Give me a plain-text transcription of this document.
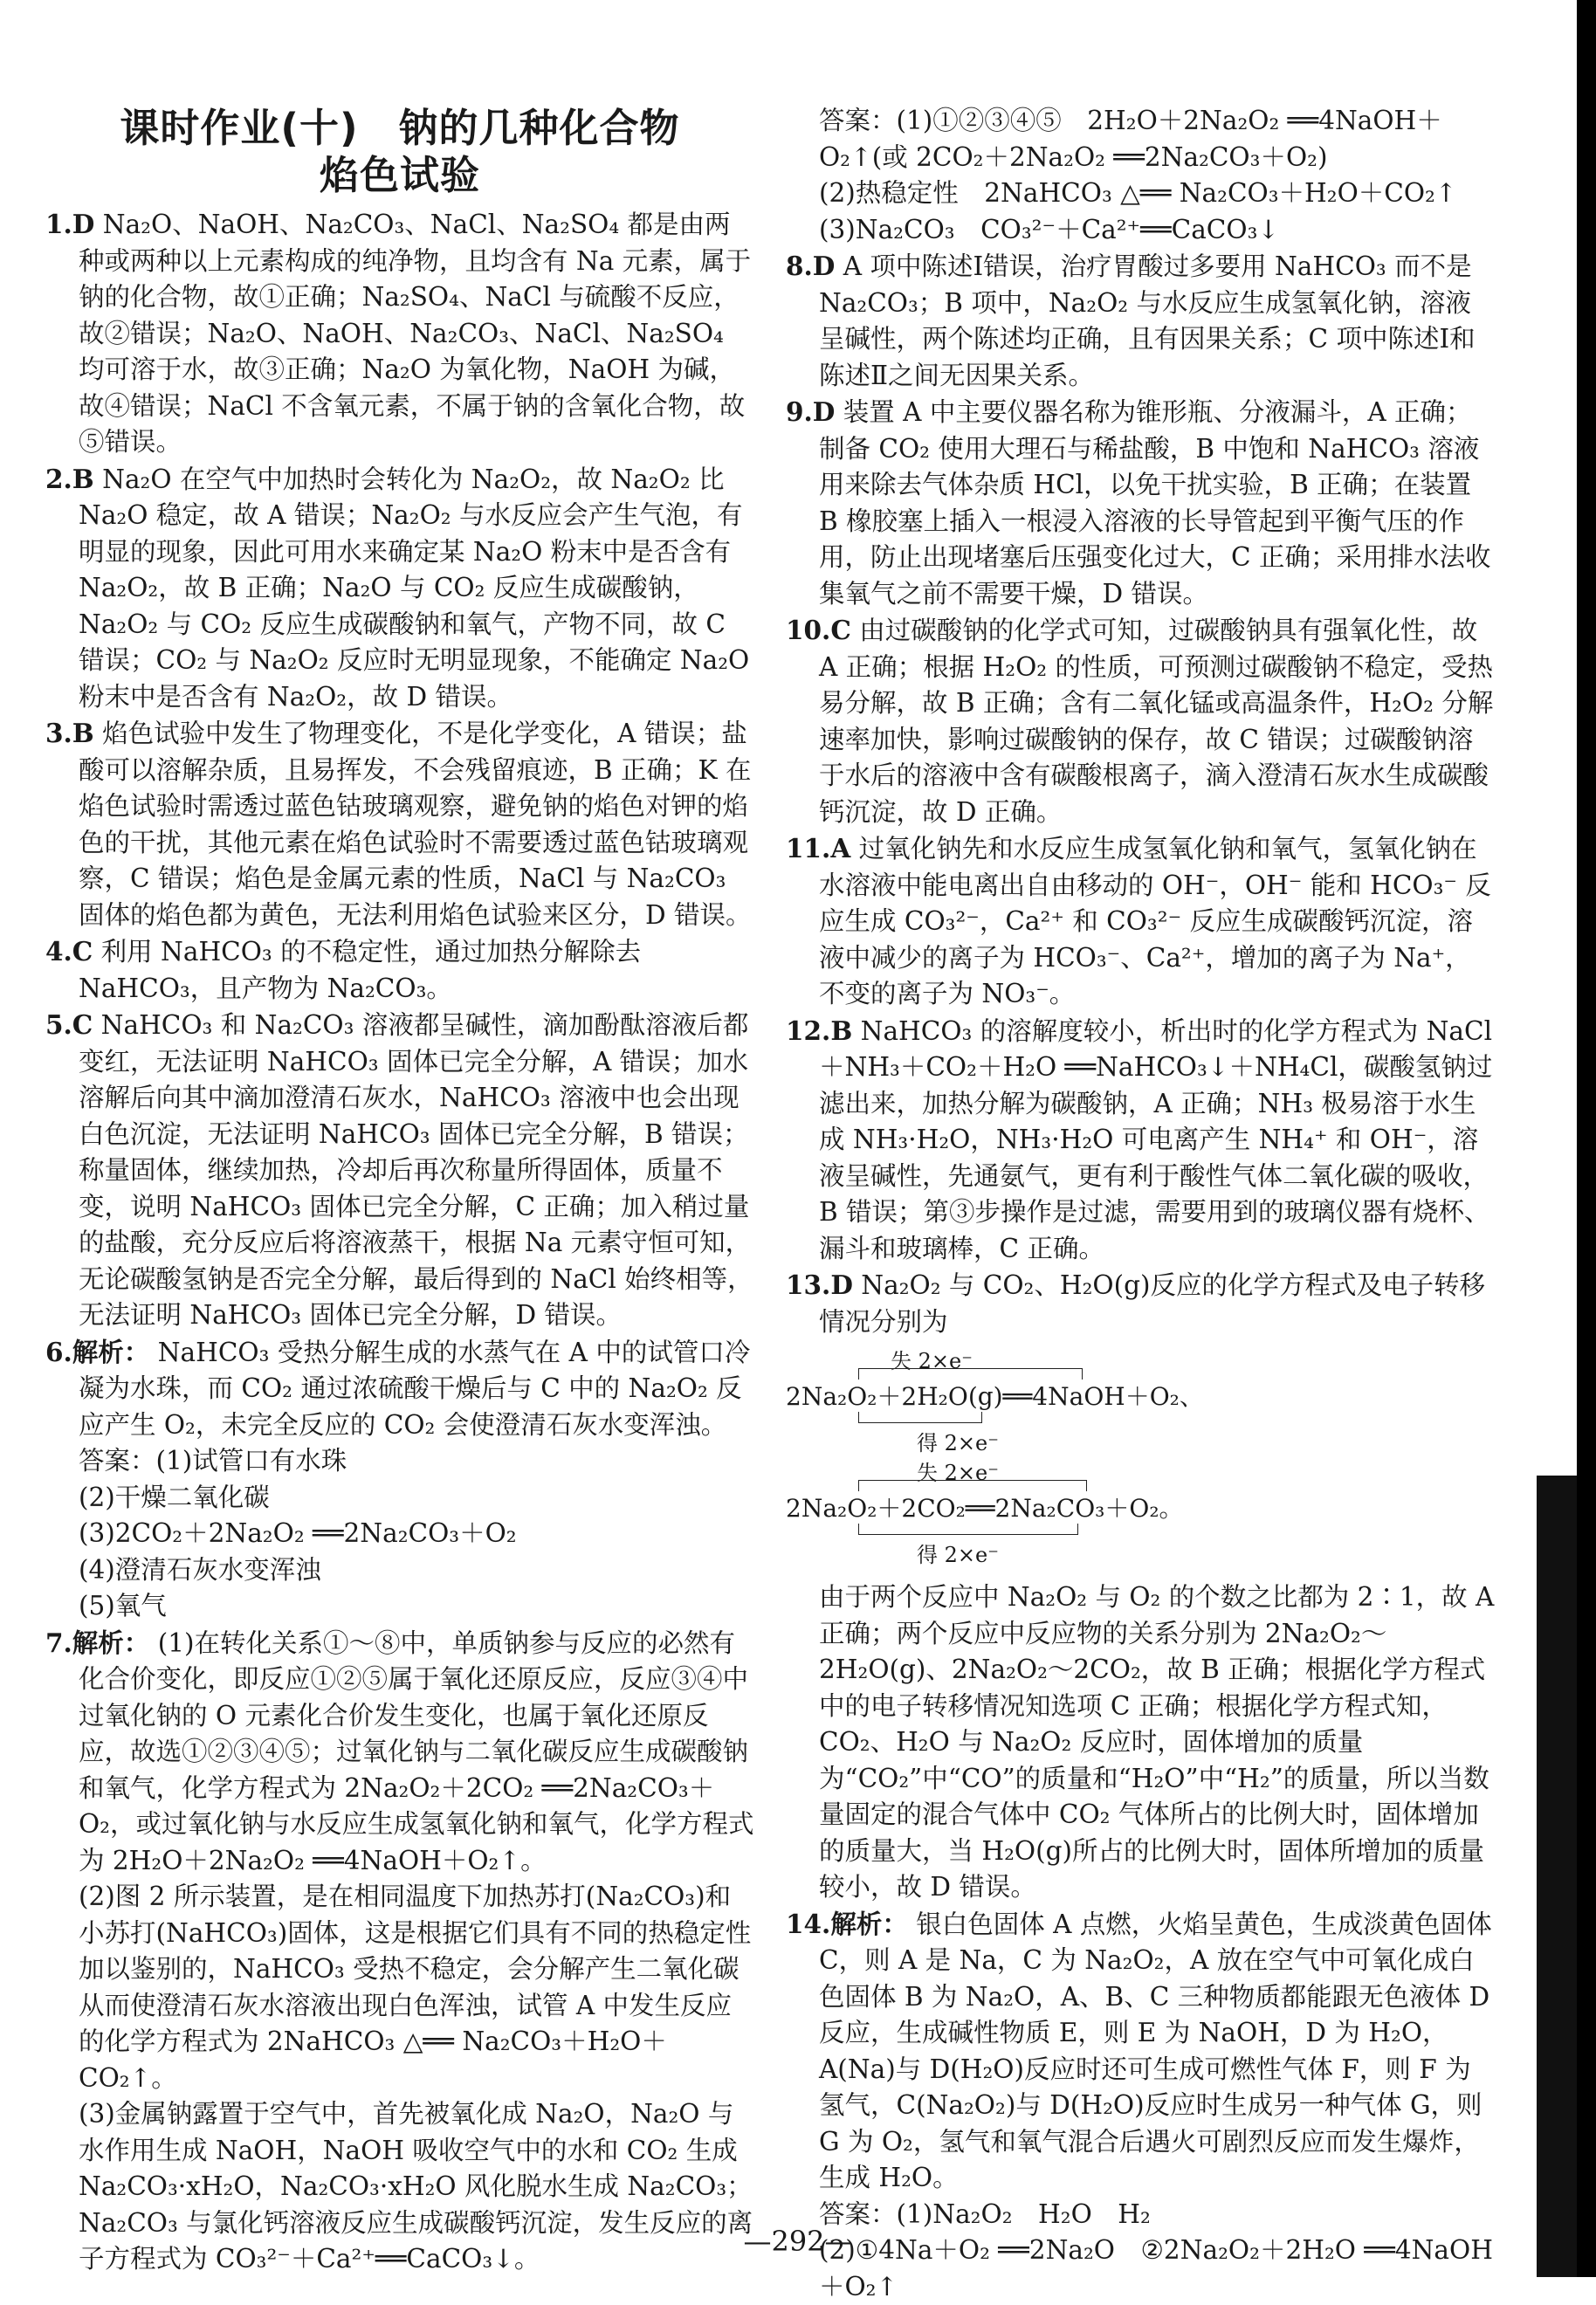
课时作业(十)　钠的几种化合物
焰色试验

1.D Na₂O、NaOH、Na₂CO₃、NaCl、Na₂SO₄ 都是由两种或两种以上元素构成的纯净物，且均含有 Na 元素，属于钠的化合物，故①正确；Na₂SO₄、NaCl 与硫酸不反应，故②错误；Na₂O、NaOH、Na₂CO₃、NaCl、Na₂SO₄ 均可溶于水，故③正确；Na₂O 为氧化物，NaOH 为碱，故④错误；NaCl 不含氧元素，不属于钠的含氧化合物，故⑤错误。

2.B Na₂O 在空气中加热时会转化为 Na₂O₂，故 Na₂O₂ 比 Na₂O 稳定，故 A 错误；Na₂O₂ 与水反应会产生气泡，有明显的现象，因此可用水来确定某 Na₂O 粉末中是否含有 Na₂O₂，故 B 正确；Na₂O 与 CO₂ 反应生成碳酸钠，Na₂O₂ 与 CO₂ 反应生成碳酸钠和氧气，产物不同，故 C 错误；CO₂ 与 Na₂O₂ 反应时无明显现象，不能确定 Na₂O 粉末中是否含有 Na₂O₂，故 D 错误。

3.B 焰色试验中发生了物理变化，不是化学变化，A 错误；盐酸可以溶解杂质，且易挥发，不会残留痕迹，B 正确；K 在焰色试验时需透过蓝色钴玻璃观察，避免钠的焰色对钾的焰色的干扰，其他元素在焰色试验时不需要透过蓝色钴玻璃观察，C 错误；焰色是金属元素的性质，NaCl 与 Na₂CO₃ 固体的焰色都为黄色，无法利用焰色试验来区分，D 错误。

4.C 利用 NaHCO₃ 的不稳定性，通过加热分解除去 NaHCO₃，且产物为 Na₂CO₃。

5.C NaHCO₃ 和 Na₂CO₃ 溶液都呈碱性，滴加酚酞溶液后都变红，无法证明 NaHCO₃ 固体已完全分解，A 错误；加水溶解后向其中滴加澄清石灰水，NaHCO₃ 溶液中也会出现白色沉淀，无法证明 NaHCO₃ 固体已完全分解，B 错误；称量固体，继续加热，冷却后再次称量所得固体，质量不变，说明 NaHCO₃ 固体已完全分解，C 正确；加入稍过量的盐酸，充分反应后将溶液蒸干，根据 Na 元素守恒可知，无论碳酸氢钠是否完全分解，最后得到的 NaCl 始终相等，无法证明 NaHCO₃ 固体已完全分解，D 错误。

6.解析： NaHCO₃ 受热分解生成的水蒸气在 A 中的试管口冷凝为水珠，而 CO₂ 通过浓硫酸干燥后与 C 中的 Na₂O₂ 反应产生 O₂，未完全反应的 CO₂ 会使澄清石灰水变浑浊。

答案：(1)试管口有水珠

(2)干燥二氧化碳

(3)2CO₂＋2Na₂O₂ ══2Na₂CO₃＋O₂

(4)澄清石灰水变浑浊

(5)氧气

7.解析： (1)在转化关系①～⑧中，单质钠参与反应的必然有化合价变化，即反应①②⑤属于氧化还原反应，反应③④中过氧化钠的 O 元素化合价发生变化，也属于氧化还原反应，故选①②③④⑤；过氧化钠与二氧化碳反应生成碳酸钠和氧气，化学方程式为 2Na₂O₂＋2CO₂ ══2Na₂CO₃＋O₂，或过氧化钠与水反应生成氢氧化钠和氧气，化学方程式为 2H₂O＋2Na₂O₂ ══4NaOH＋O₂↑。

(2)图 2 所示装置，是在相同温度下加热苏打(Na₂CO₃)和小苏打(NaHCO₃)固体，这是根据它们具有不同的热稳定性加以鉴别的，NaHCO₃ 受热不稳定，会分解产生二氧化碳从而使澄清石灰水溶液出现白色浑浊，试管 A 中发生反应的化学方程式为 2NaHCO₃ △══ Na₂CO₃＋H₂O＋CO₂↑。

(3)金属钠露置于空气中，首先被氧化成 Na₂O，Na₂O 与水作用生成 NaOH，NaOH 吸收空气中的水和 CO₂ 生成 Na₂CO₃·xH₂O，Na₂CO₃·xH₂O 风化脱水生成 Na₂CO₃；Na₂CO₃ 与氯化钙溶液反应生成碳酸钙沉淀，发生反应的离子方程式为 CO₃²⁻＋Ca²⁺══CaCO₃↓。

答案：(1)①②③④⑤　2H₂O＋2Na₂O₂ ══4NaOH＋O₂↑(或 2CO₂＋2Na₂O₂ ══2Na₂CO₃＋O₂)

(2)热稳定性　2NaHCO₃ △══ Na₂CO₃＋H₂O＋CO₂↑

(3)Na₂CO₃　CO₃²⁻＋Ca²⁺══CaCO₃↓

8.D A 项中陈述Ⅰ错误，治疗胃酸过多要用 NaHCO₃ 而不是 Na₂CO₃；B 项中，Na₂O₂ 与水反应生成氢氧化钠，溶液呈碱性，两个陈述均正确，且有因果关系；C 项中陈述Ⅰ和陈述Ⅱ之间无因果关系。

9.D 装置 A 中主要仪器名称为锥形瓶、分液漏斗，A 正确；制备 CO₂ 使用大理石与稀盐酸，B 中饱和 NaHCO₃ 溶液用来除去气体杂质 HCl，以免干扰实验，B 正确；在装置 B 橡胶塞上插入一根浸入溶液的长导管起到平衡气压的作用，防止出现堵塞后压强变化过大，C 正确；采用排水法收集氧气之前不需要干燥，D 错误。

10.C 由过碳酸钠的化学式可知，过碳酸钠具有强氧化性，故 A 正确；根据 H₂O₂ 的性质，可预测过碳酸钠不稳定，受热易分解，故 B 正确；含有二氧化锰或高温条件，H₂O₂ 分解速率加快，影响过碳酸钠的保存，故 C 错误；过碳酸钠溶于水后的溶液中含有碳酸根离子，滴入澄清石灰水生成碳酸钙沉淀，故 D 正确。

11.A 过氧化钠先和水反应生成氢氧化钠和氧气，氢氧化钠在水溶液中能电离出自由移动的 OH⁻，OH⁻ 能和 HCO₃⁻ 反应生成 CO₃²⁻，Ca²⁺ 和 CO₃²⁻ 反应生成碳酸钙沉淀，溶液中减少的离子为 HCO₃⁻、Ca²⁺，增加的离子为 Na⁺，不变的离子为 NO₃⁻。

12.B NaHCO₃ 的溶解度较小，析出时的化学方程式为 NaCl＋NH₃＋CO₂＋H₂O ══NaHCO₃↓＋NH₄Cl，碳酸氢钠过滤出来，加热分解为碳酸钠，A 正确；NH₃ 极易溶于水生成 NH₃·H₂O，NH₃·H₂O 可电离产生 NH₄⁺ 和 OH⁻，溶液呈碱性，先通氨气，更有利于酸性气体二氧化碳的吸收，B 错误；第③步操作是过滤，需要用到的玻璃仪器有烧杯、漏斗和玻璃棒，C 正确。

13.D Na₂O₂ 与 CO₂、H₂O(g)反应的化学方程式及电子转移情况分别为

失 2×e⁻
2Na₂O₂＋2H₂O(g)══4NaOH＋O₂、
得 2×e⁻
失 2×e⁻
2Na₂O₂＋2CO₂══2Na₂CO₃＋O₂。
得 2×e⁻

由于两个反应中 Na₂O₂ 与 O₂ 的个数之比都为 2∶1，故 A 正确；两个反应中反应物的关系分别为 2Na₂O₂～2H₂O(g)、2Na₂O₂～2CO₂，故 B 正确；根据化学方程式中的电子转移情况知选项 C 正确；根据化学方程式知，CO₂、H₂O 与 Na₂O₂ 反应时，固体增加的质量为“CO₂”中“CO”的质量和“H₂O”中“H₂”的质量，所以当数量固定的混合气体中 CO₂ 气体所占的比例大时，固体增加的质量大，当 H₂O(g)所占的比例大时，固体所增加的质量较小，故 D 错误。

14.解析： 银白色固体 A 点燃，火焰呈黄色，生成淡黄色固体 C，则 A 是 Na，C 为 Na₂O₂，A 放在空气中可氧化成白色固体 B 为 Na₂O，A、B、C 三种物质都能跟无色液体 D 反应，生成碱性物质 E，则 E 为 NaOH，D 为 H₂O，A(Na)与 D(H₂O)反应时还可生成可燃性气体 F，则 F 为氢气，C(Na₂O₂)与 D(H₂O)反应时生成另一种气体 G，则 G 为 O₂，氢气和氧气混合后遇火可剧烈反应而发生爆炸，生成 H₂O。

答案：(1)Na₂O₂　H₂O　H₂

(2)①4Na＋O₂ ══2Na₂O　②2Na₂O₂＋2H₂O ══4NaOH＋O₂↑

—292—
